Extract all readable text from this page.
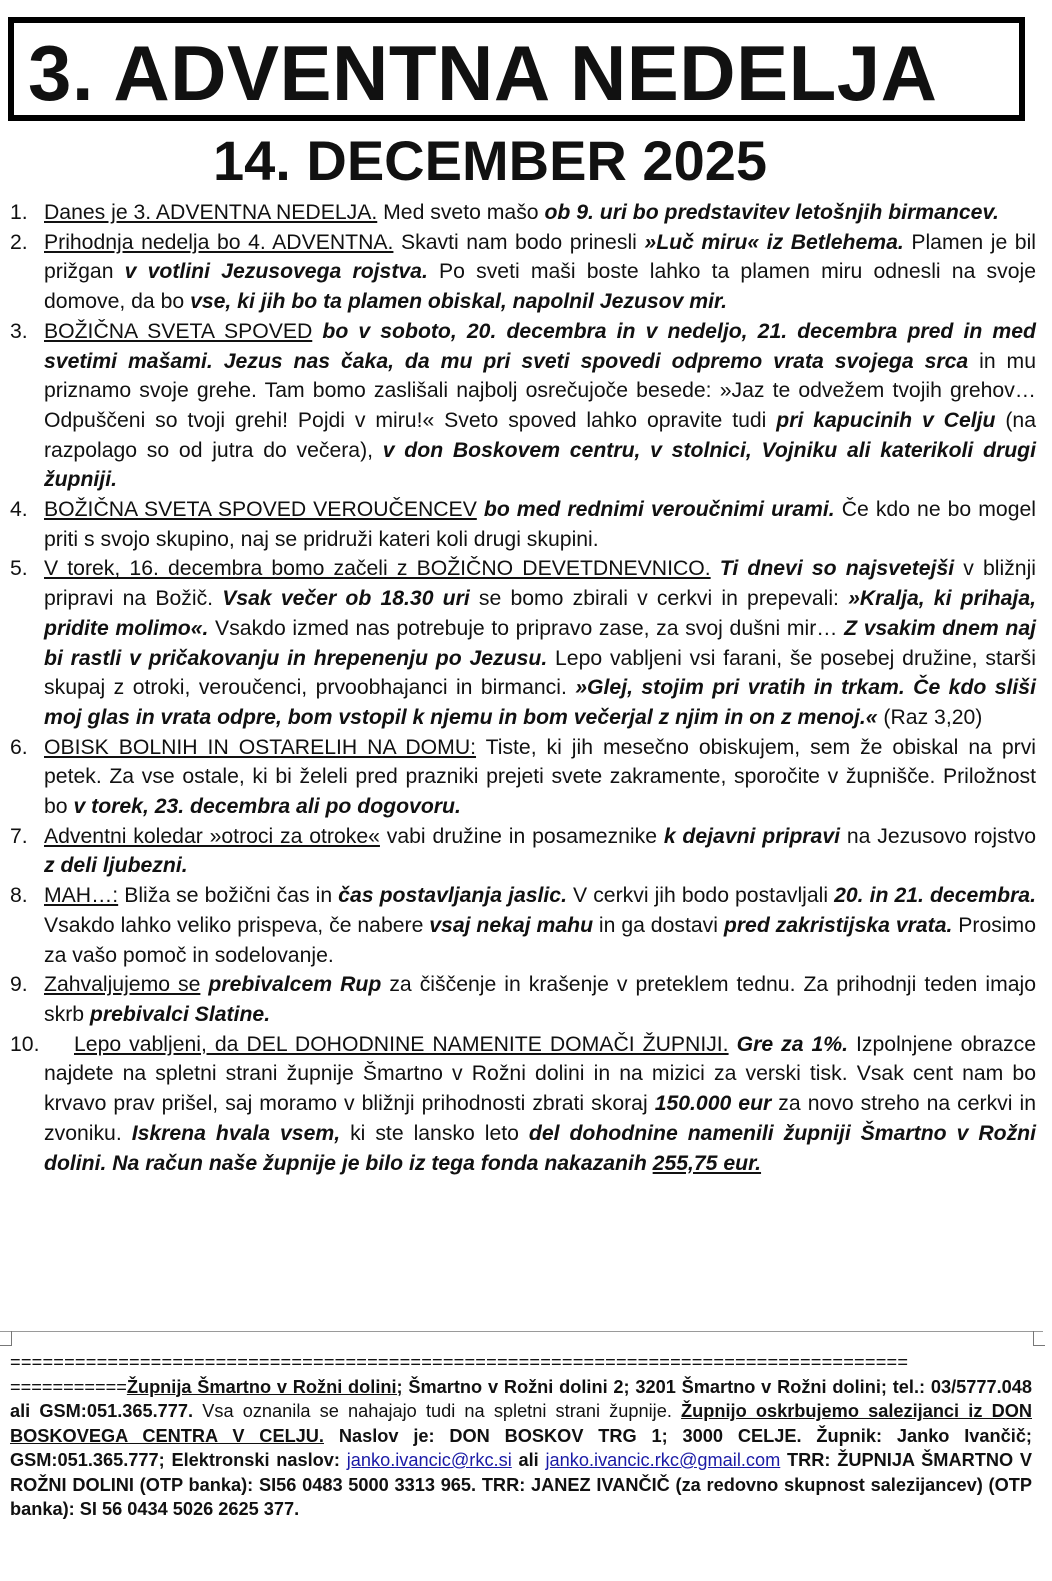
3. ADVENTNA NEDELJA
14. DECEMBER 2025
1. Danes je 3. ADVENTNA NEDELJA. Med sveto mašo ob 9. uri bo predstavitev letošnjih birmancev.
2. Prihodnja nedelja bo 4. ADVENTNA. Skavti nam bodo prinesli »Luč miru« iz Betlehema. Plamen je bil prižgan v votlini Jezusovega rojstva. Po sveti maši boste lahko ta plamen miru odnesli na svoje domove, da bo vse, ki jih bo ta plamen obiskal, napolnil Jezusov mir.
3. BOŽIČNA SVETA SPOVED bo v soboto, 20. decembra in v nedeljo, 21. decembra pred in med svetimi mašami. Jezus nas čaka, da mu pri sveti spovedi odpremo vrata svojega srca in mu priznamo svoje grehe. Tam bomo zaslišali najbolj osrečujoče besede: »Jaz te odvežem tvojih grehov…Odpuščeni so tvoji grehi! Pojdi v miru!« Sveto spoved lahko opravite tudi pri kapucinih v Celju (na razpolago so od jutra do večera), v don Boskovem centru, v stolnici, Vojniku ali katerikoli drugi župniji.
4. BOŽIČNA SVETA SPOVED VEROUČENCEV bo med rednimi veroučnimi urami. Če kdo ne bo mogel priti s svojo skupino, naj se pridruži kateri koli drugi skupini.
5. V torek, 16. decembra bomo začeli z BOŽIČNO DEVETDNEVNICO. Ti dnevi so najsvetejši v bližnji pripravi na Božič. Vsak večer ob 18.30 uri se bomo zbirali v cerkvi in prepevali: »Kralja, ki prihaja, pridite molimo«. Vsakdo izmed nas potrebuje to pripravo zase, za svoj dušni mir… Z vsakim dnem naj bi rastli v pričakovanju in hrepenenju po Jezusu. Lepo vabljeni vsi farani, še posebej družine, starši skupaj z otroki, veroučenci, prvoobhajanci in birmanci. »Glej, stojim pri vratih in trkam. Če kdo sliši moj glas in vrata odpre, bom vstopil k njemu in bom večerjal z njim in on z menoj.« (Raz 3,20)
6. OBISK BOLNIH IN OSTARELIH NA DOMU: Tiste, ki jih mesečno obiskujem, sem že obiskal na prvi petek. Za vse ostale, ki bi želeli pred prazniki prejeti svete zakramente, sporočite v župnišče. Priložnost bo v torek, 23. decembra ali po dogovoru.
7. Adventni koledar »otroci za otroke« vabi družine in posameznike k dejavni pripravi na Jezusovo rojstvo z deli ljubezni.
8. MAH…: Bliža se božični čas in čas postavljanja jaslic. V cerkvi jih bodo postavljali 20. in 21. decembra. Vsakdo lahko veliko prispeva, če nabere vsaj nekaj mahu in ga dostavi pred zakristijska vrata. Prosimo za vašo pomoč in sodelovanje.
9. Zahvaljujemo se prebivalcem Rup za čiščenje in krašenje v preteklem tednu. Za prihodnji teden imajo skrb prebivalci Slatine.
10. Lepo vabljeni, da DEL DOHODNINE NAMENITE DOMAČI ŽUPNIJI. Gre za 1%. Izpolnjene obrazce najdete na spletni strani župnije Šmartno v Rožni dolini in na mizici za verski tisk. Vsak cent nam bo krvavo prav prišel, saj moramo v bližnji prihodnosti zbrati skoraj 150.000 eur za novo streho na cerkvi in zvoniku. Iskrena hvala vsem, ki ste lansko leto del dohodnine namenili župniji Šmartno v Rožni dolini. Na račun naše župnije je bilo iz tega fonda nakazanih 255,75 eur.
===================================================================================
===========Župnija Šmartno v Rožni dolini; Šmartno v Rožni dolini 2; 3201 Šmartno v Rožni dolini; tel.: 03/5777.048 ali GSM:051.365.777. Vsa oznanila se nahajajo tudi na spletni strani župnije. Župnijo oskrbujemo salezijanci iz DON BOSKOVEGA CENTRA V CELJU. Naslov je: DON BOSKOV TRG 1; 3000 CELJE. Župnik: Janko Ivančič; GSM:051.365.777; Elektronski naslov: janko.ivancic@rkc.si ali janko.ivancic.rkc@gmail.com TRR: ŽUPNIJA ŠMARTNO V ROŽNI DOLINI (OTP banka): SI56 0483 5000 3313 965. TRR: JANEZ IVANČIČ (za redovno skupnost salezijancev) (OTP banka): SI 56 0434 5026 2625 377.
